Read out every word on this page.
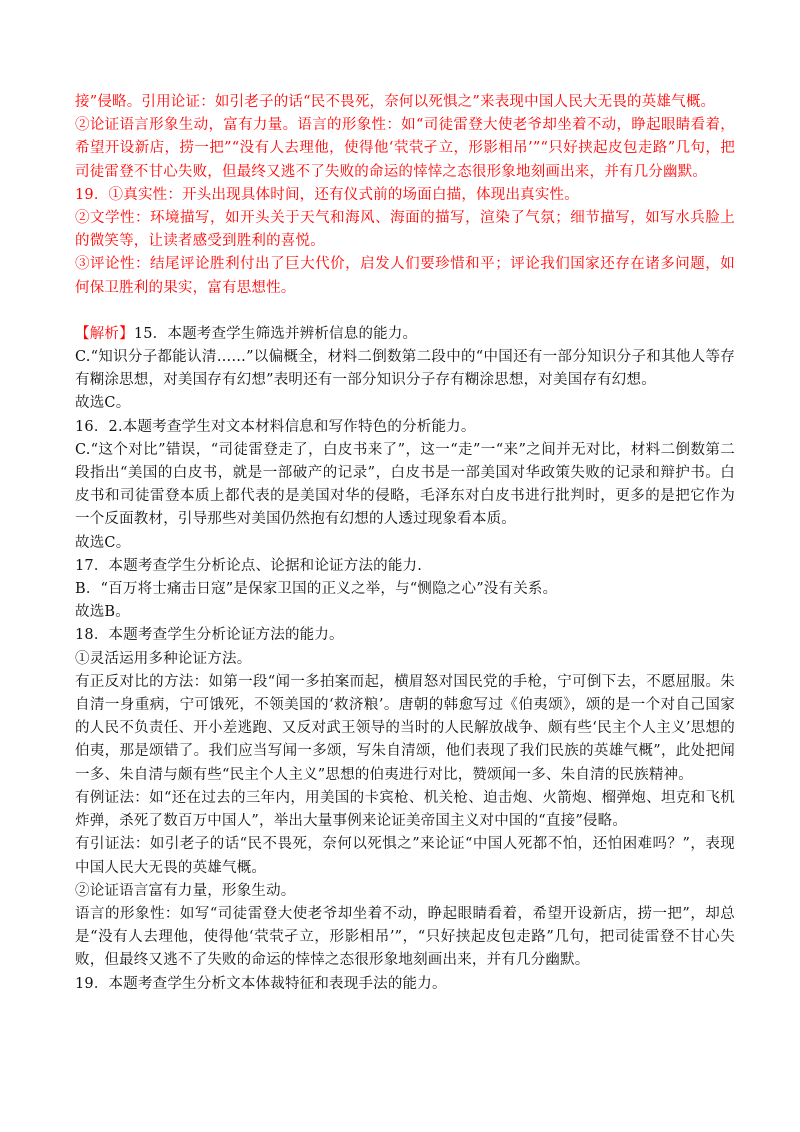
接”侵略。引用论证：如引老子的话“民不畏死，奈何以死惧之”来表现中国人民大无畏的英雄气概。

②论证语言形象生动，富有力量。语言的形象性：如“司徒雷登大使老爷却坐着不动，睁起眼睛看着，希望开设新店，捞一把”“没有人去理他，使得他‘茕茕孑立，形影相吊’”“只好挟起皮包走路”几句，把司徒雷登不甘心失败，但最终又逃不了失败的命运的悻悻之态很形象地刻画出来，并有几分幽默。

19．①真实性：开头出现具体时间，还有仪式前的场面白描，体现出真实性。

②文学性：环境描写，如开头关于天气和海风、海面的描写，渲染了气氛；细节描写，如写水兵脸上的微笑等，让读者感受到胜利的喜悦。

③评论性：结尾评论胜利付出了巨大代价，启发人们要珍惜和平；评论我们国家还存在诸多问题，如何保卫胜利的果实，富有思想性。

【解析】15．本题考查学生筛选并辨析信息的能力。

C.“知识分子都能认清……”以偏概全，材料二倒数第二段中的“中国还有一部分知识分子和其他人等存有糊涂思想，对美国存有幻想”表明还有一部分知识分子存有糊涂思想，对美国存有幻想。

故选C。

16．2.本题考查学生对文本材料信息和写作特色的分析能力。

C.“这个对比”错误，“司徒雷登走了，白皮书来了”，这一“走”一“来”之间并无对比，材料二倒数第二段指出“美国的白皮书，就是一部破产的记录”，白皮书是一部美国对华政策失败的记录和辩护书。白皮书和司徒雷登本质上都代表的是美国对华的侵略，毛泽东对白皮书进行批判时，更多的是把它作为一个反面教材，引导那些对美国仍然抱有幻想的人透过现象看本质。

故选C。

17．本题考查学生分析论点、论据和论证方法的能力.

B．“百万将士痛击日寇”是保家卫国的正义之举，与“恻隐之心”没有关系。

故选B。

18．本题考查学生分析论证方法的能力。

①灵活运用多种论证方法。

有正反对比的方法：如第一段“闻一多拍案而起，横眉怒对国民党的手枪，宁可倒下去，不愿屈服。朱自清一身重病，宁可饿死，不领美国的‘救济粮’。唐朝的韩愈写过《伯夷颂》，颂的是一个对自己国家的人民不负责任、开小差逃跑、又反对武王领导的当时的人民解放战争、颇有些‘民主个人主义’思想的伯夷，那是颂错了。我们应当写闻一多颂，写朱自清颂，他们表现了我们民族的英雄气概”，此处把闻一多、朱自清与颇有些“民主个人主义”思想的伯夷进行对比，赞颂闻一多、朱自清的民族精神。

有例证法：如“还在过去的三年内，用美国的卡宾枪、机关枪、迫击炮、火箭炮、榴弹炮、坦克和飞机炸弹，杀死了数百万中国人”，举出大量事例来论证美帝国主义对中国的“直接”侵略。

有引证法：如引老子的话“民不畏死，奈何以死惧之”来论证“中国人死都不怕，还怕困难吗？”，表现中国人民大无畏的英雄气概。

②论证语言富有力量，形象生动。

语言的形象性：如写“司徒雷登大使老爷却坐着不动，睁起眼睛看着，希望开设新店，捞一把”，却总是“没有人去理他，使得他‘茕茕孑立，形影相吊’”，“只好挟起皮包走路”几句，把司徒雷登不甘心失败，但最终又逃不了失败的命运的悻悻之态很形象地刻画出来，并有几分幽默。

19．本题考查学生分析文本体裁特征和表现手法的能力。
